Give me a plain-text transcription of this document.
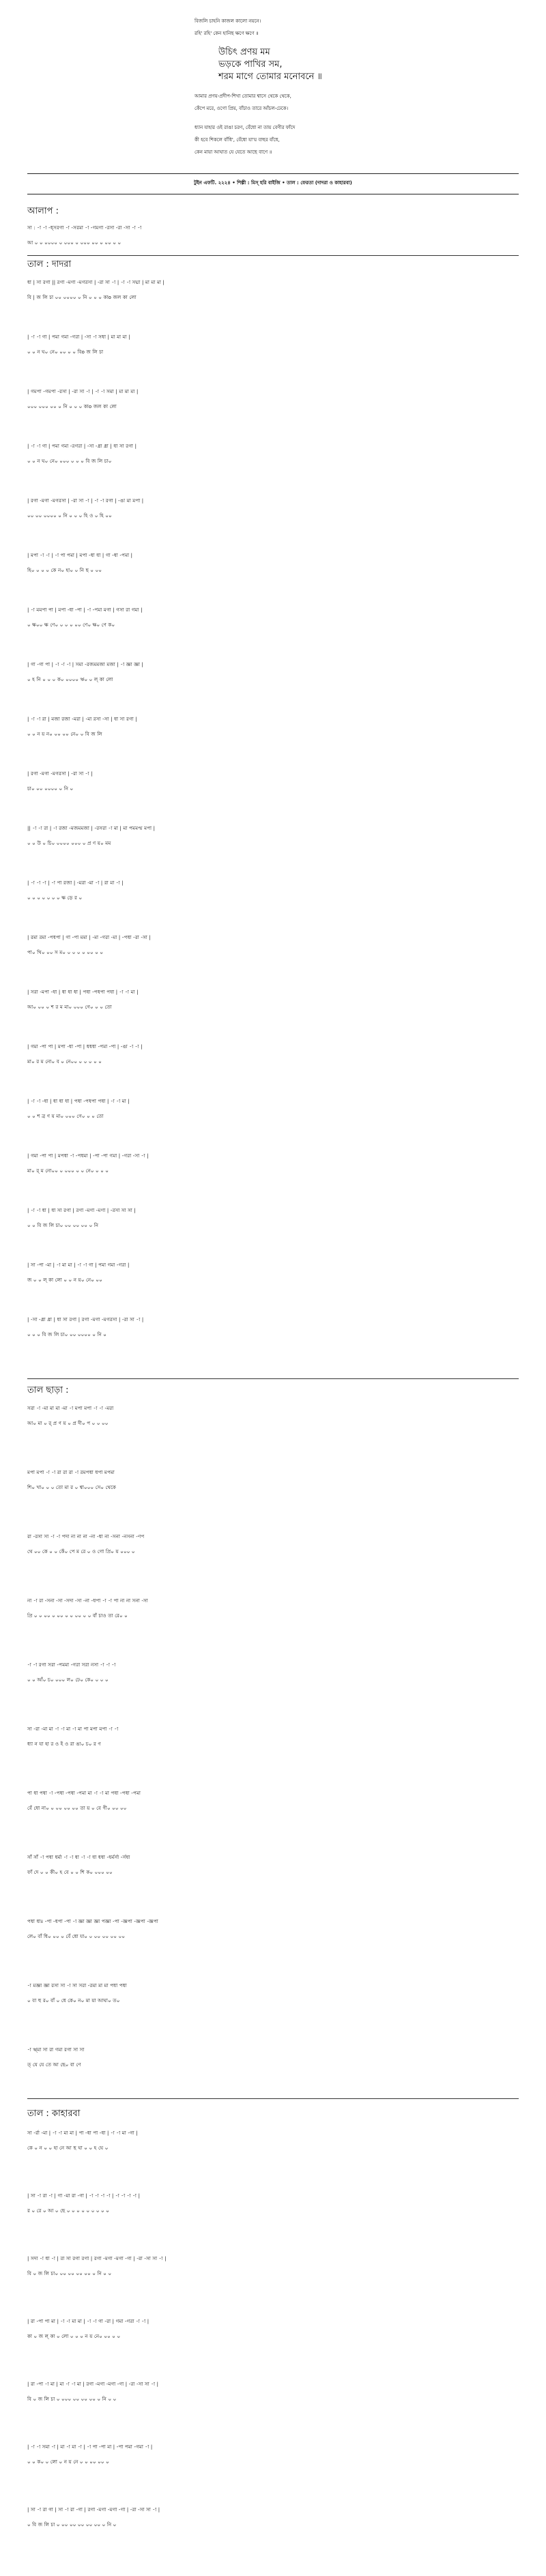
বিজলি চাহনি কাজল কালো নয়নে।
রহি' রহি' কেন হানিছ ক্ষণে ক্ষণে ॥
উচিৎ প্রণয় মম
ভড়কে পাখির সম,
শরম মাগে তোমার মনোবনে ॥
আমার প্রণয়-প্রদীপ-শিখা তোমার শ্বাসে থেকে থেকে,
কেঁপে মরে, ওগো প্রিয়, বাঁচাও তারে আঁচল-ঢেকে।
ধ্যান যাহার ওই রাঙা চরণ, বেঁধো না তায় বেণীর ফাঁদে
কী হবে শিকলে বাঁধি', বেঁধো যা'য় বাহুর বাঁধে,
কেন মায়া আঘাত যে যেতে আছে বাণে ॥
টুইন এফটি. ২২২৪ • শিল্পী : মিস্ হরি বাইজি • তাল : ফেরতা (দাদরা ও কাহারবা)
আলাপ :
সা : -া -া -ধ্সরগা -া -সরমা -া -গমগা -রসা -রা -সা -া -া
আ ০ ০ ০০০০ ০ ০০০ ০ ০০০ ০০ ০ ০০ ০ ০
তাল : দাদরা
ধা | সা রগা || রগা -মগা -মগরসা | -রা সা -া | -া -া সদ্মা | মা মা মা |
বি | জ লি চা ০০ ০০০০ ০ নি ০ ০ ০ কাo জল কা লো
| -া -া গা | পমা গমা -গরা | -সা -া সধা | মা মা মা |
০ ০ ন ঘ০ নে০ ০০ ০ ০ বিo জ লি চা
| গমপা -গমপা -রসা | -রা সা -া | -া -া সমা | মা মা মা |
০০০ ০০০ ০০ ০ নি ০ ০ ০ কাo জল কা লো
| -া -া গা | পমা গমা -রগরা | -সা -ধ্রা ধ্রা | ধা সা রগা |
০ ০ ন ঘ০ নে০ ০০০ ০ ০ ০ বি জ লি চা০
| রগা -মগা -মগরসা | -রা সা -া | -া -া রগা | -ঙা মা মপা |
০০ ০০ ০০০০ ০ নি ০ ০ ০ হি ও ০ হি ০০
| মপা -া -া | -া পা পমা | মপা -ধা ধা | গা -ধা -পমা |
হি০ ০ ০ ০ কে ন০ হা০ ০ নি ছ ০ ০০
| -া মমপা পা | মপা -ধা -পা | -া -পমা মগা | গসা রা গমা |
০ ক্ষ০০ ক্ষ ণে০ ০ ০ ০ ০০ ণে০ ক্ষ০ ণে ক০
| গা -গা পা | -া -া -া | সমা -রজমমজা মজা | -া জ্ঞা জ্ঞা |
০ হ নি ০ ০ ০ ক০ ০০০০ ঋ০ ০ ল্ কা লো
| -া -া রা | মজা রজা -মরা | -মা রসা -সা | ধা সা রগা |
০ ০ ন য় ন০ ০০ ০০ নে০ ০ বি জ লি
| রগা -মগা -মগরসা | -রা সা -া |
চা০ ০০ ০০০০ ০ নি ০
|| -া -া রা | -া রজা -মজমমজা | -রসরা -া মা | মা পমমপ্ম মপা |
০ ০ উ ০ চি০ ০০০০ ০০০ ০ প্র ণ য়০ মম
| -া -া -া | -া পা রজা | -মরা -মা -া | রা মা -া |
০ ০ ০ ০ ০ ০ ০ ক্ষ ড়ে র ০
| রমা রমা -পধপা | গা -পা মমা | -মা -গরা -মা | -পধা -রা -সা |
পা০ খি০ ০০ স ম০ ০ ০ ০ ০ ০০ ০ ০
| সরা -মপা -ধা | ধা ধা ধা | পধা -পধপা পধা | -া -া মা |
আ০ ০০ ০ শ র ম মা০ ০০০ গে০ ০ ০ তো
| গমা -পা পা | মপা -ধা -পা | ধধধা -পমা -পা | -ঙা -া -া |
মা০ র ম নো০ ব ০ নে০০ ০ ০ ০ ০ ০
| -া -া -ধা | ধা ধা ধা | পধা -পধপা পধা | -া -া মা |
০ ০ শ ব্র ণ য় মা০ ০০০ গে০ ০ ০ তো
| গমা -পা পা | মপধা -া -পধমা | -পা -পা গমা | -গরা -সা -া |
মা০ র্ ম নো০০ ০ ০০০ ০ ০ নে০ ০ ০ ০
| -া -া ধা | ধা সা রগা | রগা -মগা -মগা | -রসা সা সা |
০ ০ বি জ লি চা০ ০০ ০০ ০০ ০ নি
| সা -পা -মা | -া মা মা | -া -া গা | পমা গমা -গরা |
জ ০ ০ ল্ কা লো ০ ০ ন য়০ নে০ ০০
| -সা -ধ্রা ধ্রা | ধা সা রগা | রগা -মগা -মগরসা | -রা সা -া |
০ ০ ০ বি জ লি চা০ ০০ ০০০০ ০ নি ০
তাল ছাড়া :
সরা -া -মা মা মা -মা -া মপা মপা -া -া -মরা
আ০ মা ০ র্ প্র ণ য় ০ প্র দী০ প ০ ০ ০০
মপা মপা -া -া রা রা রা -া রমপধা ধপা মপমা
শি০ খা০ ০ ০ তো মা র ০ শ্বা০০০ সে০ থেকে
রা -রসা সা -া -া পদা না না না -না -ধা না -সনা -নসনা -ণপ
থে ০০ কে ০ ০ কেঁ০ পে ম রে ০ ও গো প্রি০ য় ০০০ ০
না -া রা -সনা -সা -সদা -সা -না -ধপা -া -া পা না না সনা -সা
প্রি ০ ০ ০০ ০ ০০ ০ ০ ০০ ০ ০ বাঁ চাও তা রে০ ০
-া -া রগা সরা -পমমা -গরা সরা নসা -া -া -া
০ ০ আঁ০ চ০ ০০০ ল০ ঢে০ কে০ ০ ০ ০
সা -রা -মা মা -া -া মা -া মা পা মপা মপা -া -া
ধ্যা ন যা হা র ও ই ও রা ঙা০ চ০ র ণ
পা ধা পধা -া -পধা -পধা -পমা মা -া -া মা পধা -পধা -পমা
বেঁ ধো না০ ০ ০০ ০০ ০০ তা য় ০ বে ণী০ ০০ ০০
সাঁ সাঁ -া পধা ধর্মা -া -া ধা -া -া ধা ধধা -ধর্মর্সা -র্সধা
ফাঁ দে ০ ০ কী০ হ বে ০ ০ শি ক০ ০০০ ০০
পধা ধাঃ -পা -ধপা -পা -া জ্ঞা জ্ঞা জ্ঞা পজ্ঞা -পা -জ্ঞপা -জ্ঞপা -জ্ঞপা
লে০ বাঁ ধি০ ০০ ০ বেঁ ধো যা০ ০ ০০ ০০ ০০ ০০
-া মজ্ঞা জ্ঞা রসা সা -া সা সরা -রমা মা মা পধা পধা
০ বা হু র০ বাঁ ০ ধে কে০ ন০ মা য়া আঘা০ ত০
-া ঋ্মা সা রা গমা রগা সা সা
ত্ যে যে তে আ ছে০ বা ণে
তাল : কাহারবা
সা -র্রা -মা | -া -া মা মা | পা -ধা পা -ধা | -া -া মা -গা |
কে ০ ন ০ ০ হা নে আ ছ ঘা ০ ০ হ ঘে ০
| সা -া রা -া | গা -মা রা -গা | -া -া -া -া | -া -া -া -া |
র ০ রে ০ আ ০ ছে ০ ০ ০ ০ ০ ০ ০ ০ ০
| সদা -া ধা -া | রা সা রগা রগা | রগা -মগা -মগা -গা | -রা -সা সা -া |
বি ০ জ লি চা০ ০০ ০০ ০০ ০০ ০ নি ০ ০
| রা -পা পা মা | -া -া মা মা | -া -া গা -রা | গমা -গরা -া -া |
কা ০ জ ল্ কা ০ লো ০ ০ ০ ন য় নে০ ০০ ০ ০
| রা -পা -া মা | মা -া -া মা | রগা -মগা -মগা -গা | -রা -সা সা -া |
বি ০ জ লি চা ০ ০০০ ০০ ০০ ০০ ০ নি ০ ০
| -া -া সমা -া | মা -া মা -া | -া পা -পা মা | -পা পমা -গমা -া |
০ ০ ক০ ০ লো ০ ন য় নে ০ ০ ০০ ০০ ০
| সা -া রা গা | সা -া রা -গা | রগা -মগা -মগা -গা | -রা -সা সা -া |
০ বি জ লি চা ০ ০০ ০০ ০০ ০০ ০০ ০ নি ০
